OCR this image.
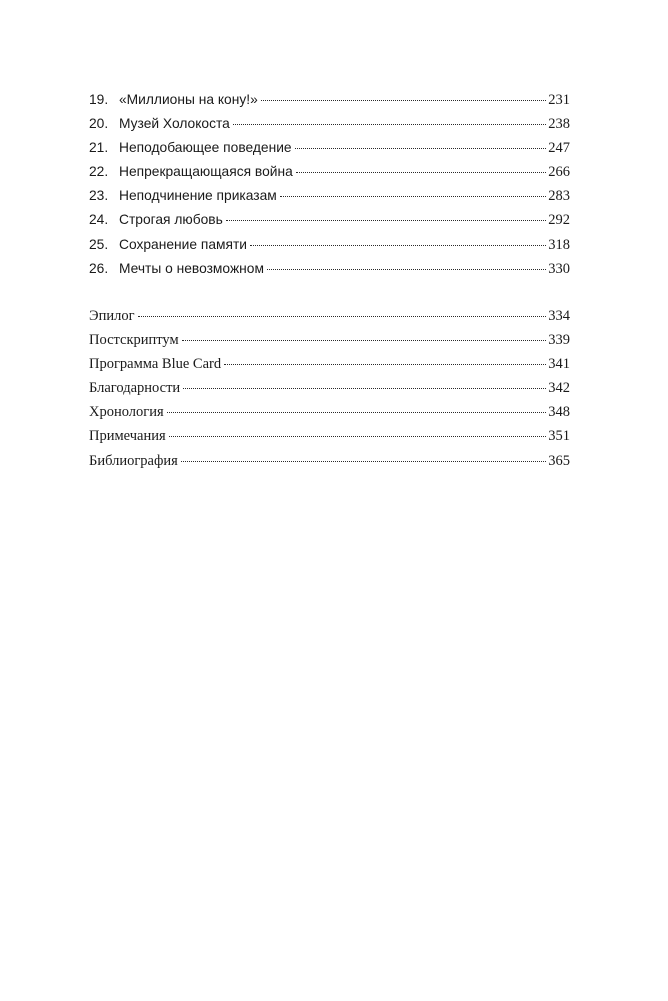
19. «Миллионы на кону!»	231
20. Музей Холокоста	238
21. Неподобающее поведение	247
22. Непрекращающаяся война	266
23. Неподчинение приказам	283
24. Строгая любовь	292
25. Сохранение памяти	318
26. Мечты о невозможном	330
Эпилог	334
Постскриптум	339
Программа Blue Card	341
Благодарности	342
Хронология	348
Примечания	351
Библиография	365
